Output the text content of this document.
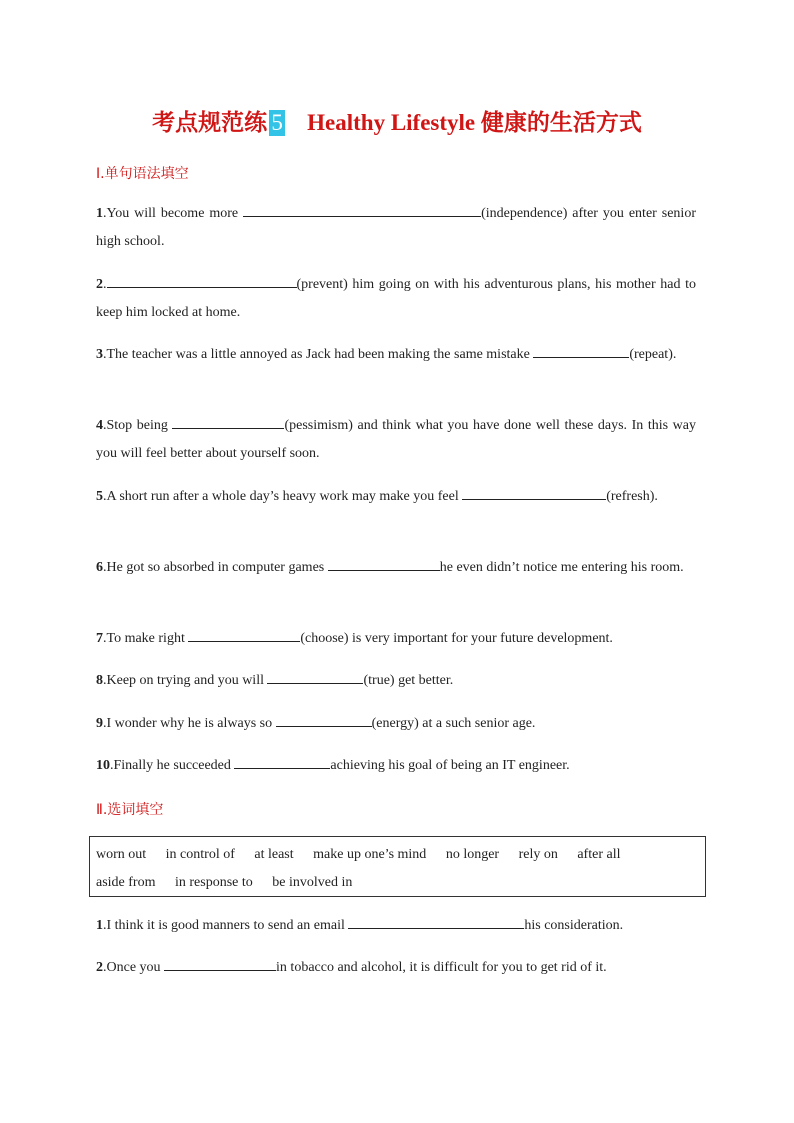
考点规范练 5 Healthy Lifestyle 健康的生活方式
Ⅰ.单句语法填空
1.You will become more	(independence) after you enter senior high school.
2.	(prevent) him going on with his adventurous plans, his mother had to keep him locked at home.
3.The teacher was a little annoyed as Jack had been making the same mistake	(repeat).
4.Stop being	(pessimism) and think what you have done well these days. In this way you will feel better about yourself soon.
5.A short run after a whole day’s heavy work may make you feel	(refresh).
6.He got so absorbed in computer games	he even didn’t notice me entering his room.
7.To make right	(choose) is very important for your future development.
8.Keep on trying and you will	(true) get better.
9.I wonder why he is always so	(energy) at a such senior age.
10.Finally he succeeded	achieving his goal of being an IT engineer.
Ⅱ.选词填空
worn out in control of at least make up one’s mind no longer rely on after all
aside from in response to be involved in
1.I think it is good manners to send an email	his consideration.
2.Once you	in tobacco and alcohol, it is difficult for you to get rid of it.
